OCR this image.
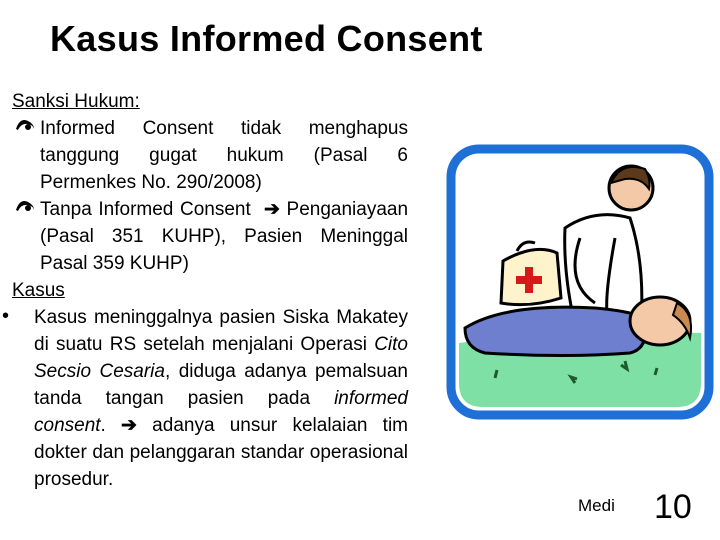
Kasus Informed Consent
Sanksi Hukum:
Informed Consent tidak menghapus tanggung gugat hukum (Pasal 6 Permenkes No. 290/2008)
Tanpa Informed Consent ➔ Penganiayaan (Pasal 351 KUHP), Pasien Meninggal Pasal 359 KUHP)
Kasus
• Kasus meninggalnya pasien Siska Makatey di suatu RS setelah menjalani Operasi Cito Secsio Cesaria, diduga adanya pemalsuan tanda tangan pasien pada informed consent. ➔ adanya unsur kelalaian tim dokter dan pelanggaran standar operasional prosedur.
Medi 10
